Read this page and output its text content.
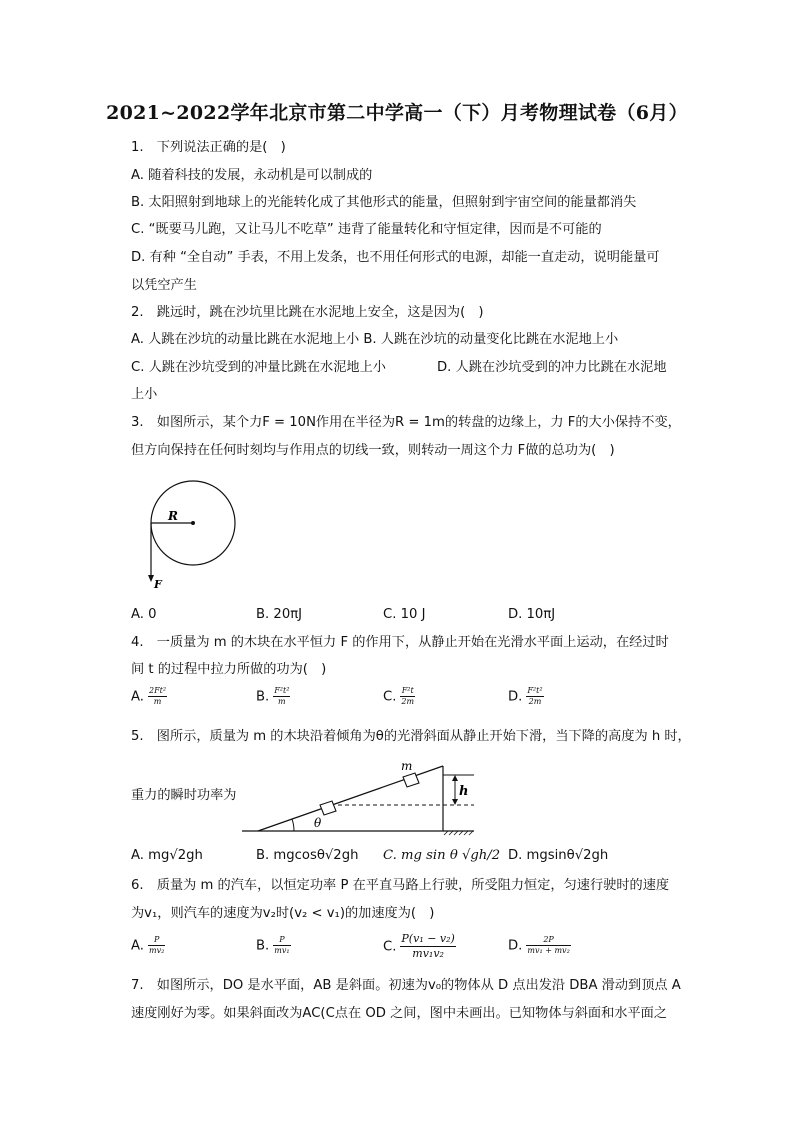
2021~2022学年北京市第二中学高一（下）月考物理试卷（6月）
1.　下列说法正确的是(　)
A. 随着科技的发展，永动机是可以制成的
B. 太阳照射到地球上的光能转化成了其他形式的能量，但照射到宇宙空间的能量都消失
C. “既要马儿跑，又让马儿不吃草” 违背了能量转化和守恒定律，因而是不可能的
D. 有种 “全自动” 手表，不用上发条，也不用任何形式的电源，却能一直走动，说明能量可
以凭空产生
2.　跳远时，跳在沙坑里比跳在水泥地上安全，这是因为(　)
A. 人跳在沙坑的动量比跳在水泥地上小 B. 人跳在沙坑的动量变化比跳在水泥地上小
C. 人跳在沙坑受到的冲量比跳在水泥地上小	D. 人跳在沙坑受到的冲力比跳在水泥地
上小
3.　如图所示，某个力F = 10N作用在半径为R = 1m的转盘的边缘上，力 F的大小保持不变，
但方向保持在任何时刻均与作用点的切线一致，则转动一周这个力 F做的总功为(　)
R
F
A. 0	B. 20πJ	C. 10 J	D. 10πJ
4.　一质量为 m 的木块在水平恒力 F 的作用下，从静止开始在光滑水平面上运动，在经过时
间 t 的过程中拉力所做的功为(　)
A. $\frac{\text{2Ft²}}{m}$	B. $\frac{\text{F²t²}}{m}$	C. $\frac{\text{F²t}}{2m}$	D. $\frac{\text{F²t²}}{2m}$
5.　图所示，质量为 m 的木块沿着倾角为θ的光滑斜面从静止开始下滑，当下降的高度为 h 时，
重力的瞬时功率为
m
h
θ
A. mg√2gh	B. mgcosθ√2gh C. mg sin θ √gh/2 D. mgsinθ√2gh
6.　质量为 m 的汽车，以恒定功率 P 在平直马路上行驶，所受阻力恒定，匀速行驶时的速度
为v₁，则汽车的速度为v₂时(v₂ < v₁)的加速度为(　)
A. $\frac{P}{\text{mv₂}}$	B. $\frac{P}{\text{mv₁}}$	C. $\frac{\text{P(v₁ − v₂)}}{\text{mv₁v₂}}$	D. $\frac{2P}{\text{mv₁ + mv₂}}$
7.　如图所示，DO 是水平面，AB 是斜面。初速为v₀的物体从 D 点出发沿 DBA 滑动到顶点 A
速度刚好为零。如果斜面改为AC(C点在 OD 之间，图中未画出。已知物体与斜面和水平面之
